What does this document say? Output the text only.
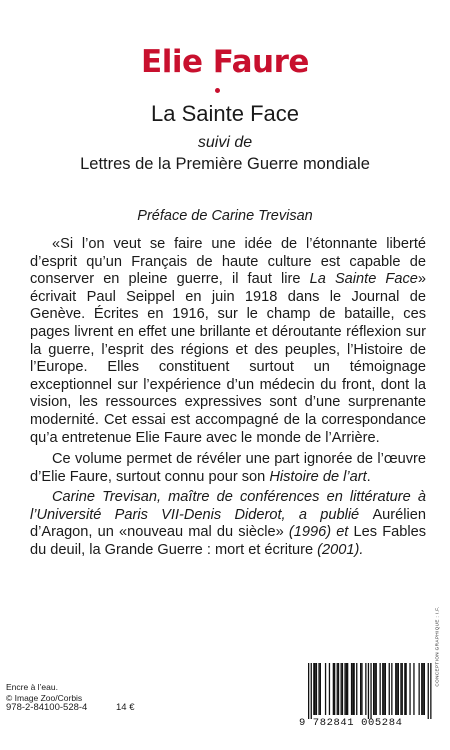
Elie Faure
La Sainte Face
suivi de
Lettres de la Première Guerre mondiale
Préface de Carine Trevisan

«Si l’on veut se faire une idée de l’étonnante liberté d’esprit qu’un Français de haute culture est capable de conserver en pleine guerre, il faut lire La Sainte Face» écrivait Paul Seippel en juin 1918 dans le Journal de Genève. Écrites en 1916, sur le champ de bataille, ces pages livrent en effet une brillante et déroutante réflexion sur la guerre, l’esprit des régions et des peuples, l’Histoire de l’Europe. Elles constituent surtout un témoignage exceptionnel sur l’expérience d’un médecin du front, dont la vision, les ressources expressives sont d’une surprenante modernité. Cet essai est accompagné de la correspondance qu’a entretenue Elie Faure avec le monde de l’Arrière.

Ce volume permet de révéler une part ignorée de l’œuvre d’Elie Faure, surtout connu pour son Histoire de l’art.

Carine Trevisan, maître de conférences en littérature à l’Université Paris VII-Denis Diderot, a publié Aurélien d’Aragon, un «nouveau mal du siècle» (1996) et Les Fables du deuil, la Grande Guerre : mort et écriture (2001).
CONCEPTION GRAPHIQUE : I.F.
Encre à l’eau.
© Image Zoo/Corbis
978-2-84100-528-4	14 €
9 782841 005284
